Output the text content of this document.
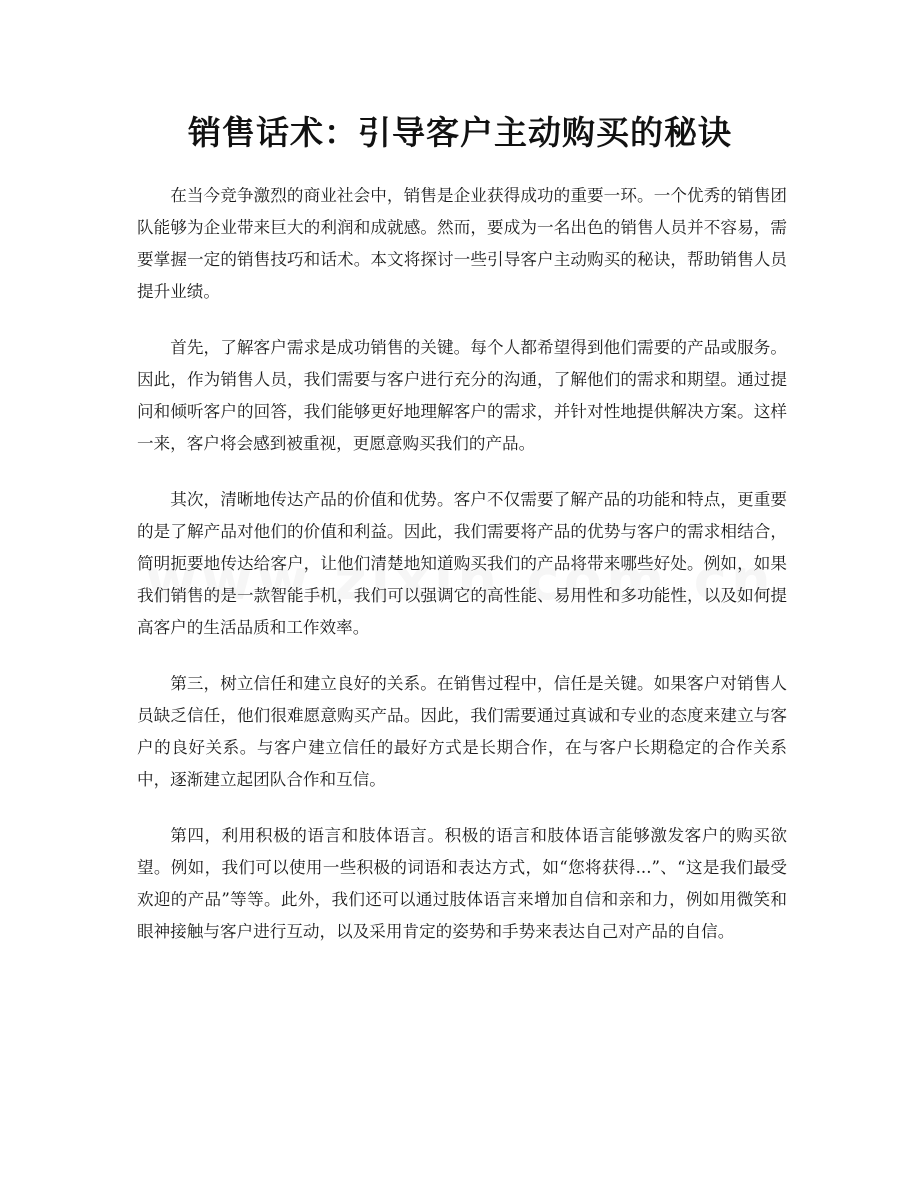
销售话术：引导客户主动购买的秘诀

在当今竞争激烈的商业社会中，销售是企业获得成功的重要一环。一个优秀的销售团队能够为企业带来巨大的利润和成就感。然而，要成为一名出色的销售人员并不容易，需要掌握一定的销售技巧和话术。本文将探讨一些引导客户主动购买的秘诀，帮助销售人员提升业绩。

首先，了解客户需求是成功销售的关键。每个人都希望得到他们需要的产品或服务。因此，作为销售人员，我们需要与客户进行充分的沟通，了解他们的需求和期望。通过提问和倾听客户的回答，我们能够更好地理解客户的需求，并针对性地提供解决方案。这样一来，客户将会感到被重视，更愿意购买我们的产品。

其次，清晰地传达产品的价值和优势。客户不仅需要了解产品的功能和特点，更重要的是了解产品对他们的价值和利益。因此，我们需要将产品的优势与客户的需求相结合，简明扼要地传达给客户，让他们清楚地知道购买我们的产品将带来哪些好处。例如，如果我们销售的是一款智能手机，我们可以强调它的高性能、易用性和多功能性，以及如何提高客户的生活品质和工作效率。

第三，树立信任和建立良好的关系。在销售过程中，信任是关键。如果客户对销售人员缺乏信任，他们很难愿意购买产品。因此，我们需要通过真诚和专业的态度来建立与客户的良好关系。与客户建立信任的最好方式是长期合作，在与客户长期稳定的合作关系中，逐渐建立起团队合作和互信。

第四，利用积极的语言和肢体语言。积极的语言和肢体语言能够激发客户的购买欲望。例如，我们可以使用一些积极的词语和表达方式，如“您将获得...”、“这是我们最受欢迎的产品”等等。此外，我们还可以通过肢体语言来增加自信和亲和力，例如用微笑和眼神接触与客户进行互动，以及采用肯定的姿势和手势来表达自己对产品的自信。
